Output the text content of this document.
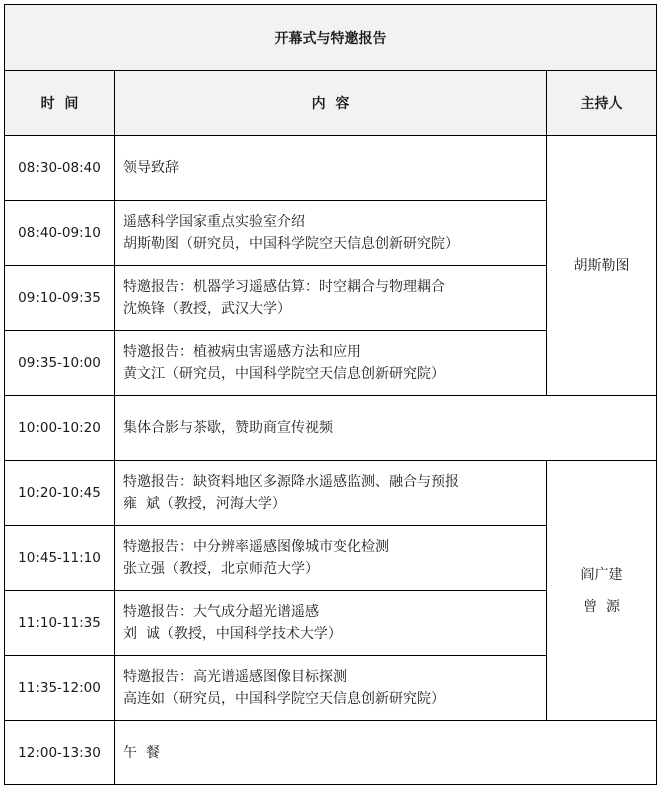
开幕式与特邀报告		
时  间	内  容	主持人
08:30-08:40	领导致辞	胡斯勒图

08:40-09:10	遥感科学国家重点实验室介绍
胡斯勒图（研究员，中国科学院空天信息创新研究院）	

09:10-09:35	特邀报告：机器学习遥感估算：时空耦合与物理耦合
沈焕锋（教授，武汉大学）	

09:35-10:00	特邀报告：植被病虫害遥感方法和应用
黄文江（研究员，中国科学院空天信息创新研究院）	

10:00-10:20	集体合影与茶歇，赞助商宣传视频	

10:20-10:45	特邀报告：缺资料地区多源降水遥感监测、融合与预报
雍  斌（教授，河海大学）	阎广建
曾  源

10:45-11:10	特邀报告：中分辨率遥感图像城市变化检测
张立强（教授，北京师范大学）	

11:10-11:35	特邀报告：大气成分超光谱遥感
刘  诚（教授，中国科学技术大学）	

11:35-12:00	特邀报告：高光谱遥感图像目标探测
高连如（研究员，中国科学院空天信息创新研究院）	

12:00-13:30	午  餐	
